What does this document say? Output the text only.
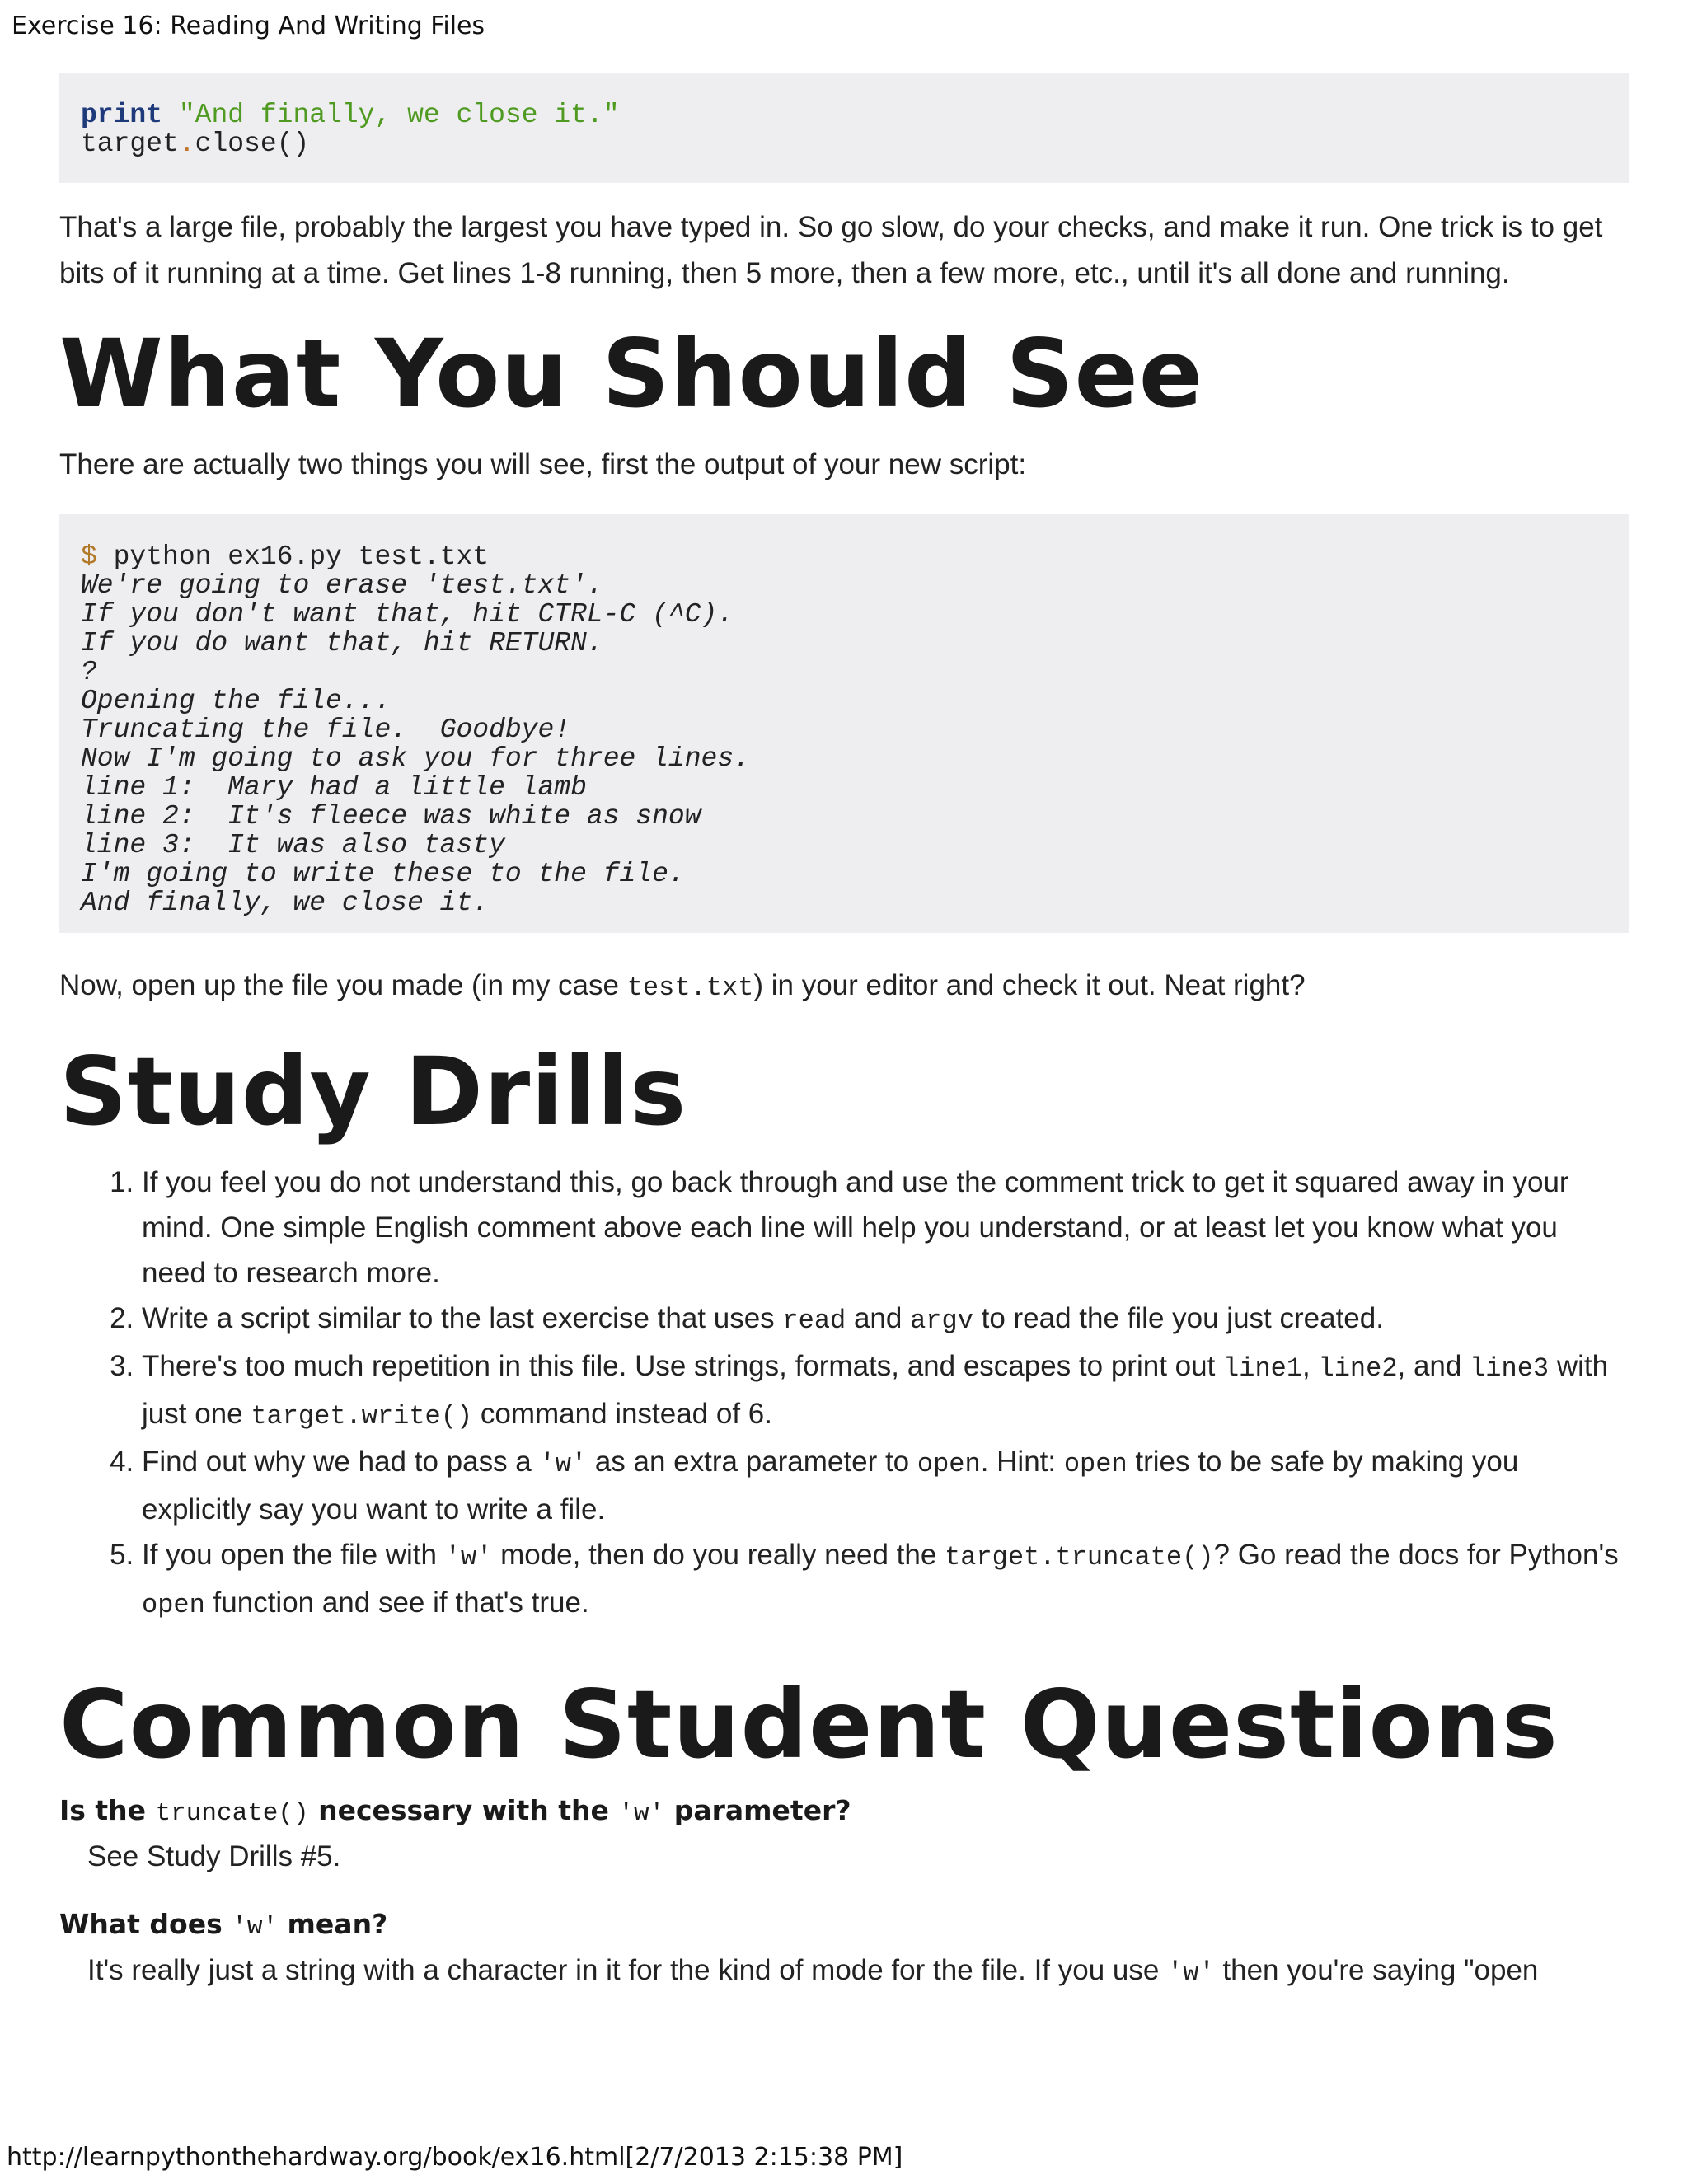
Exercise 16: Reading And Writing Files
print "And finally, we close it."
target.close()

That's a large file, probably the largest you have typed in. So go slow, do your checks, and make it run. One trick is to get bits of it running at a time. Get lines 1-8 running, then 5 more, then a few more, etc., until it's all done and running.

What You Should See

There are actually two things you will see, first the output of your new script:

$ python ex16.py test.txt

We're going to erase 'test.txt'.
If you don't want that, hit CTRL-C (^C).
If you do want that, hit RETURN.
?
Opening the file...
Truncating the file.  Goodbye!
Now I'm going to ask you for three lines.
line 1:  Mary had a little lamb
line 2:  It's fleece was white as snow
line 3:  It was also tasty
I'm going to write these to the file.
And finally, we close it.

Now, open up the file you made (in my case test.txt) in your editor and check it out. Neat right?

Study Drills
1. If you feel you do not understand this, go back through and use the comment trick to get it squared away in your mind. One simple English comment above each line will help you understand, or at least let you know what you need to research more.
2. Write a script similar to the last exercise that uses read and argv to read the file you just created.
3. There's too much repetition in this file. Use strings, formats, and escapes to print out line1, line2, and line3 with just one target.write() command instead of 6.
4. Find out why we had to pass a 'w' as an extra parameter to open. Hint: open tries to be safe by making you explicitly say you want to write a file.
5. If you open the file with 'w' mode, then do you really need the target.truncate()? Go read the docs for Python's open function and see if that's true.
Common Student Questions

Is the truncate() necessary with the 'w' parameter?

See Study Drills #5.

What does 'w' mean?

It's really just a string with a character in it for the kind of mode for the file. If you use 'w' then you're saying "open

http://learnpythonthehardway.org/book/ex16.html[2/7/2013 2:15:38 PM]
